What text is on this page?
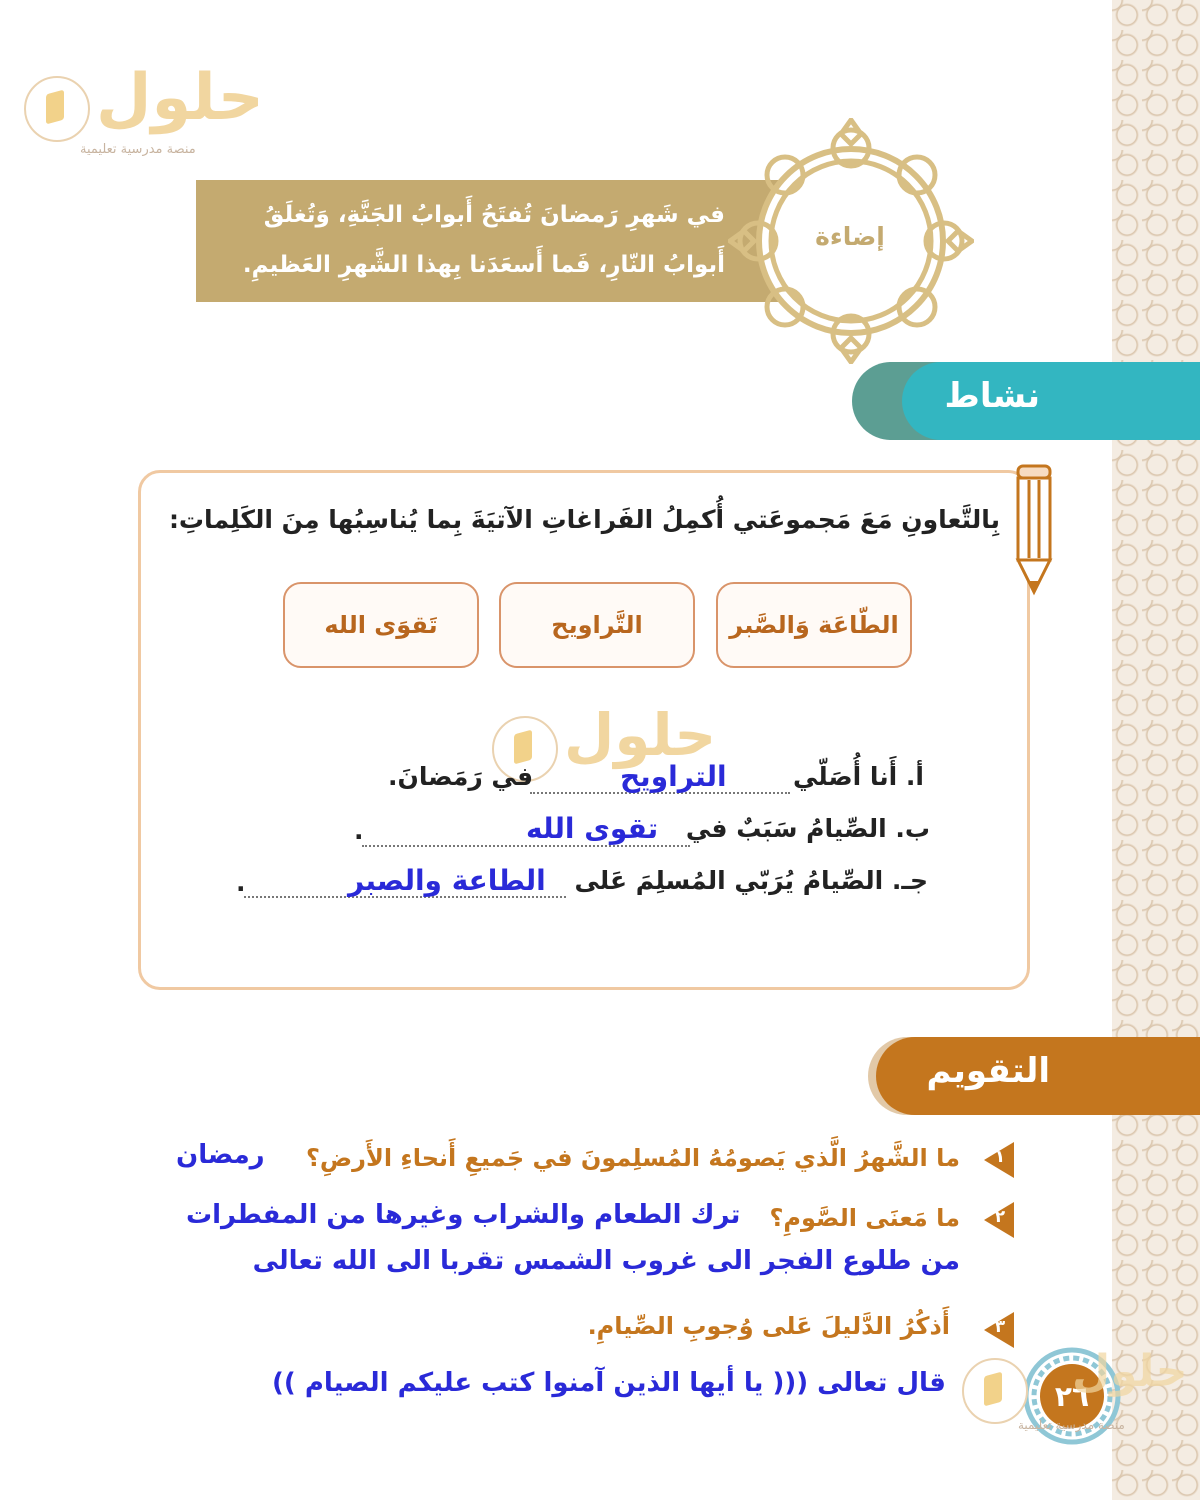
حلول
منصة مدرسية تعليمية
في شَهرِ رَمضانَ تُفتَحُ أَبوابُ الجَنَّةِ، وَتُغلَقُ
أَبوابُ النّارِ، فَما أَسعَدَنا بِهذا الشَّهرِ العَظيمِ.
إضاءة
نشاط
بِالتَّعاونِ مَعَ مَجموعَتي أُكمِلُ الفَراغاتِ الآتيَةَ بِما يُناسِبُها مِنَ الكَلِماتِ:
الطّاعَة وَالصَّبر
التَّراويح
تَقوَى الله
حلول
أ. أَنا أُصَلّي
التراويح
في رَمَضانَ.
ب. الصِّيامُ سَبَبٌ في
تقوى الله
.
جـ. الصِّيامُ يُرَبّي المُسلِمَ عَلى
الطاعة والصبر
.
التقويم
١
ما الشَّهرُ الَّذي يَصومُهُ المُسلِمونَ في جَميعِ أَنحاءِ الأَرضِ؟
رمضان
٢
ما مَعنَى الصَّومِ؟
ترك الطعام والشراب وغيرها من المفطرات
من طلوع الفجر الى غروب الشمس تقربا الى الله تعالى
٣
أَذكُرُ الدَّليلَ عَلى وُجوبِ الصِّيامِ.
قال تعالى ((( يا أيها الذين آمنوا كتب عليكم الصيام ))	٢٦
حلول
منصة مدرسية تعليمية
